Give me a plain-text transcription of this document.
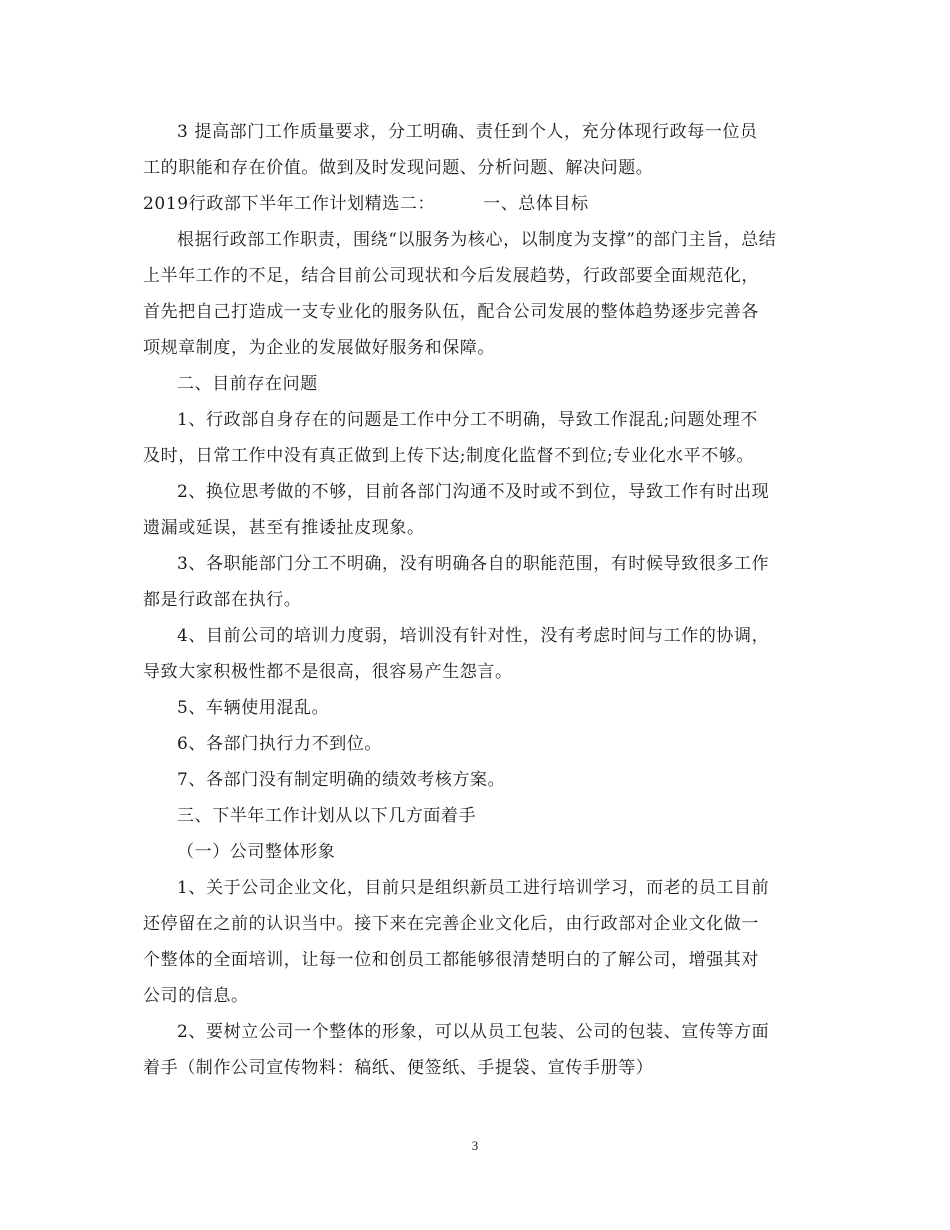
3 提高部门工作质量要求，分工明确、责任到个人，充分体现行政每一位员
工的职能和存在价值。做到及时发现问题、分析问题、解决问题。
2019行政部下半年工作计划精选二：        一、总体目标
根据行政部工作职责，围绕“以服务为核心，以制度为支撑”的部门主旨，总结
上半年工作的不足，结合目前公司现状和今后发展趋势，行政部要全面规范化，
首先把自己打造成一支专业化的服务队伍，配合公司发展的整体趋势逐步完善各
项规章制度，为企业的发展做好服务和保障。
二、目前存在问题
1、行政部自身存在的问题是工作中分工不明确，导致工作混乱;问题处理不
及时，日常工作中没有真正做到上传下达;制度化监督不到位;专业化水平不够。
2、换位思考做的不够，目前各部门沟通不及时或不到位，导致工作有时出现
遗漏或延误，甚至有推诿扯皮现象。
3、各职能部门分工不明确，没有明确各自的职能范围，有时候导致很多工作
都是行政部在执行。
4、目前公司的培训力度弱，培训没有针对性，没有考虑时间与工作的协调，
导致大家积极性都不是很高，很容易产生怨言。
5、车辆使用混乱。
6、各部门执行力不到位。
7、各部门没有制定明确的绩效考核方案。
三、下半年工作计划从以下几方面着手
（一）公司整体形象
1、关于公司企业文化，目前只是组织新员工进行培训学习，而老的员工目前
还停留在之前的认识当中。接下来在完善企业文化后，由行政部对企业文化做一
个整体的全面培训，让每一位和创员工都能够很清楚明白的了解公司，增强其对
公司的信息。
2、要树立公司一个整体的形象，可以从员工包装、公司的包装、宣传等方面
着手（制作公司宣传物料：稿纸、便签纸、手提袋、宣传手册等）
3
